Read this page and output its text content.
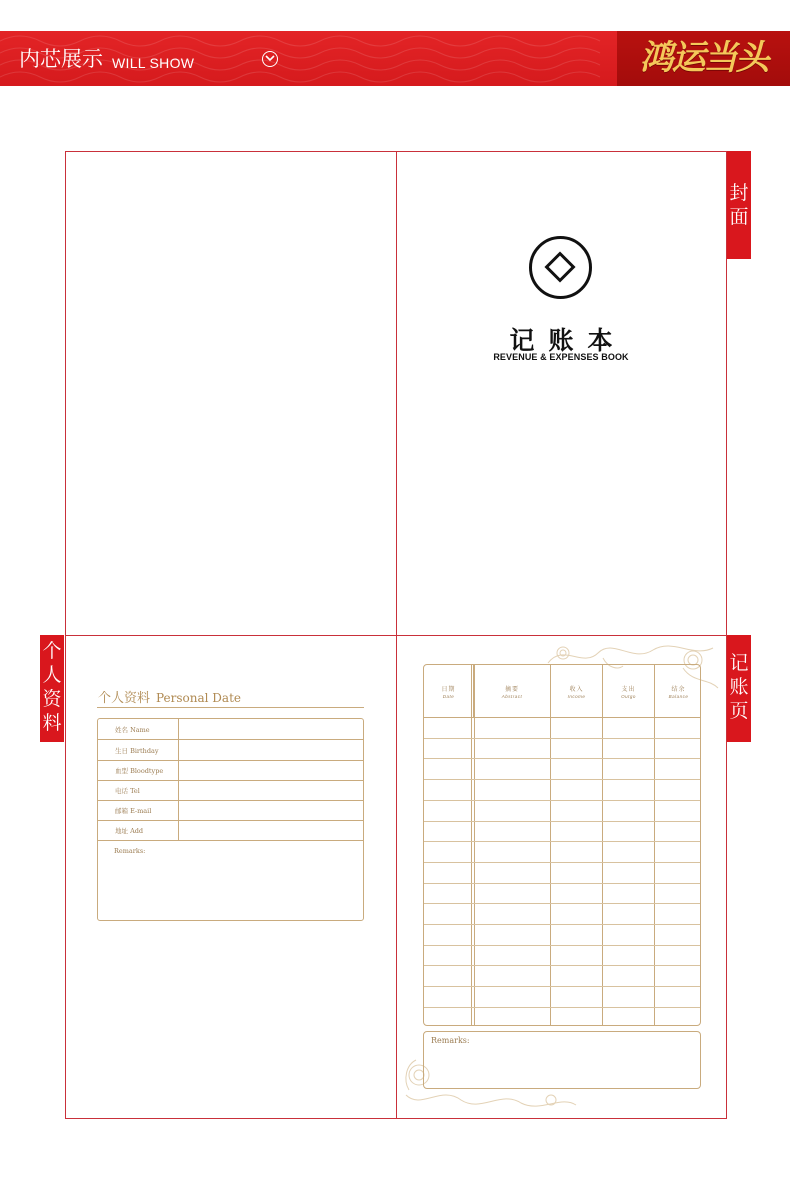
内芯展示 WILL SHOW	鸿运当头
记账本
REVENUE & EXPENSES BOOK
个人资料 Personal Date
姓名 Name
生日 Birthday
血型 Bloodtype
电话 Tel
邮箱 E-mail
地址 Add
Remarks:
日期
Date
摘要
Abstract
收入
Income
支出
Outgo
结余
Balance
Remarks:
封面
个人资料
记账页
